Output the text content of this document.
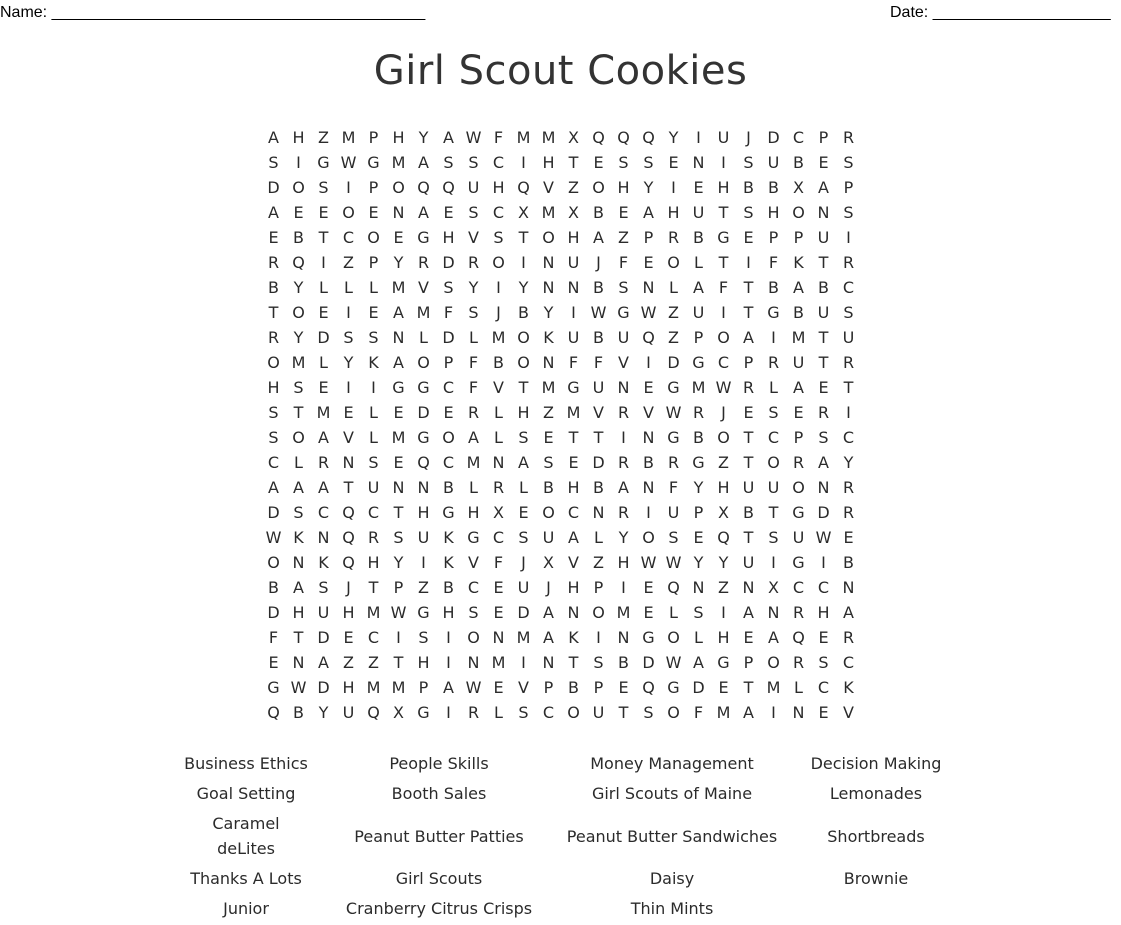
Name: __________________________________________	Date: ____________________
Girl Scout Cookies
A H Z M P H Y A W F M M X Q Q Q Y	I	U	J	D C P R
S	I	G W G M A S S C	I	H T E S S E N	I	S U B E S
D O S	I	P O Q Q U H Q V Z O H Y	I	E H B B X A P
A E E O E N A E S C X M X B E A H U T S H O N S
E B T C O E G H V S T O H A Z P R B G E P P U	I
R Q	I	Z P Y R D R O	I	N U	J	F E O L T	I	F K T R
B Y L	L	L M V S Y	I	Y N N B S N L A F T B A B C
T O E	I	E A M F S	J	B Y	I W G W Z U	I	T G B U S
R Y D S S N L D L M O K U B U Q Z P O A	I M T U
O M L Y K A O P F B O N F F V	I	D G C P R U T R
H S E	I	I	G G C F V T M G U N E G M W R L A E T
S T M E L E D E R L H Z M V R V W R	J	E S E R	I
S O A V L M G O A L S E T T	I	N G B O T C P S C
C L R N S E Q C M N A S E D R B R G Z T O R A Y
A A A T U N N B L R L B H B A N F Y H U U O N R
D S C Q C T H G H X E O C N R	I	U P X B T G D R
W K N Q R S U K G C S U A L Y O S E Q T S U W E
O N K Q H Y	I	K V F	J	X V Z H W W Y Y U	I	G	I	B
B A S	J	T P Z B C E U	J	H P	I	E Q N Z N X C C N
D H U H M W G H S E D A N O M E L S	I	A N R H A
F T D E C	I	S	I	O N M A K	I	N G O L H E A Q E R
E N A Z Z T H	I	N M I	N T S B D W A G P O R S C
G W D H M M P A W E V P B P E Q G D E T M L C K
Q B Y U Q X G	I	R L S C O U T S O F M A	I	N E V
Business Ethics	People Skills	Money Management	Decision Making
Goal Setting	Booth Sales	Girl Scouts of Maine	Lemonades
Caramel
deLites
Peanut Butter Patties	Peanut Butter Sandwiches	Shortbreads
Thanks A Lots	Girl Scouts	Daisy	Brownie
Junior	Cranberry Citrus Crisps	Thin Mints
